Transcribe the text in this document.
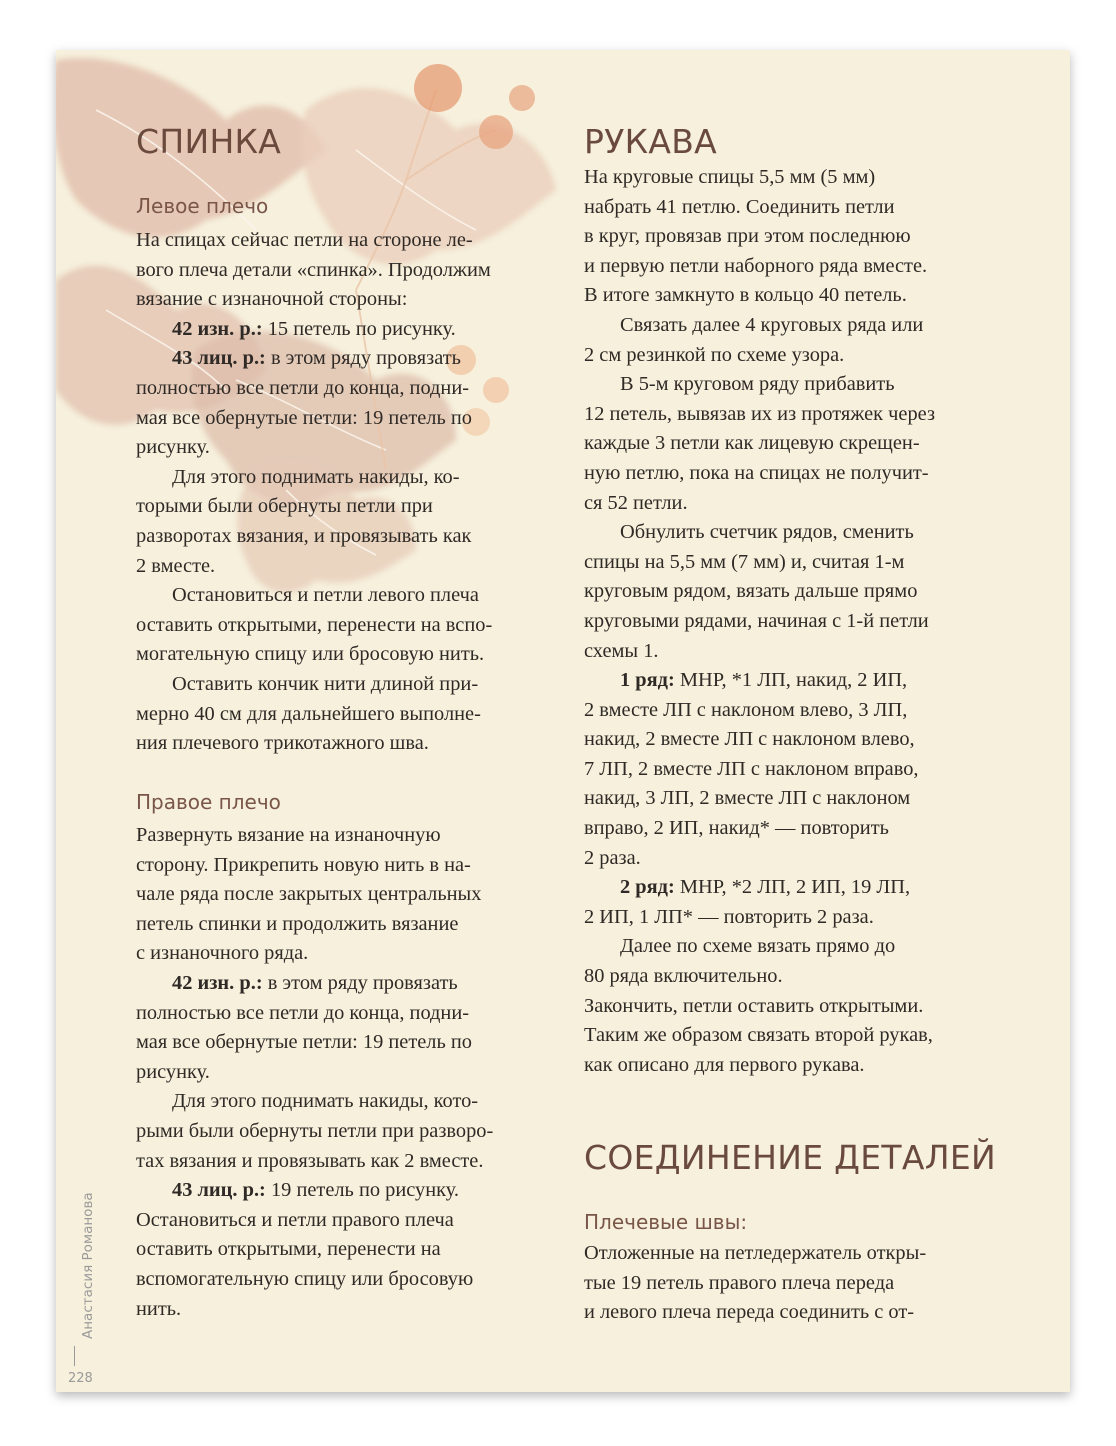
СПИНКА
Левое плечо
На спицах сейчас петли на стороне ле-
вого плеча детали «спинка». Продолжим
вязание с изнаночной стороны:
42 изн. р.: 15 петель по рисунку.
43 лиц. р.: в этом ряду провязать
полностью все петли до конца, подни-
мая все обернутые петли: 19 петель по
рисунку.
Для этого поднимать накиды, ко-
торыми были обернуты петли при
разворотах вязания, и провязывать как
2 вместе.
Остановиться и петли левого плеча
оставить открытыми, перенести на вспо-
могательную спицу или бросовую нить.
Оставить кончик нити длиной при-
мерно 40 см для дальнейшего выполне-
ния плечевого трикотажного шва.
Правое плечо
Развернуть вязание на изнаночную
сторону. Прикрепить новую нить в на-
чале ряда после закрытых центральных
петель спинки и продолжить вязание
с изнаночного ряда.
42 изн. р.: в этом ряду провязать
полностью все петли до конца, подни-
мая все обернутые петли: 19 петель по
рисунку.
Для этого поднимать накиды, кото-
рыми были обернуты петли при разворо-
тах вязания и провязывать как 2 вместе.
43 лиц. р.: 19 петель по рисунку.
Остановиться и петли правого плеча
оставить открытыми, перенести на
вспомогательную спицу или бросовую
нить.
РУКАВА
На круговые спицы 5,5 мм (5 мм)
набрать 41 петлю. Соединить петли
в круг, провязав при этом последнюю
и первую петли наборного ряда вместе.
В итоге замкнуто в кольцо 40 петель.
Связать далее 4 круговых ряда или
2 см резинкой по схеме узора.
В 5-м круговом ряду прибавить
12 петель, вывязав их из протяжек через
каждые 3 петли как лицевую скрещен-
ную петлю, пока на спицах не получит-
ся 52 петли.
Обнулить счетчик рядов, сменить
спицы на 5,5 мм (7 мм) и, считая 1-м
круговым рядом, вязать дальше прямо
круговыми рядами, начиная с 1-й петли
схемы 1.
1 ряд: МНР, *1 ЛП, накид, 2 ИП,
2 вместе ЛП с наклоном влево, 3 ЛП,
накид, 2 вместе ЛП с наклоном влево,
7 ЛП, 2 вместе ЛП с наклоном вправо,
накид, 3 ЛП, 2 вместе ЛП с наклоном
вправо, 2 ИП, накид* — повторить
2 раза.
2 ряд: МНР, *2 ЛП, 2 ИП, 19 ЛП,
2 ИП, 1 ЛП* — повторить 2 раза.
Далее по схеме вязать прямо до
80 ряда включительно.
Закончить, петли оставить открытыми.
Таким же образом связать второй рукав,
как описано для первого рукава.
СОЕДИНЕНИЕ ДЕТАЛЕЙ
Плечевые швы:
Отложенные на петледержатель откры-
тые 19 петель правого плеча переда
и левого плеча переда соединить с от-
Анастасия Романова
228
